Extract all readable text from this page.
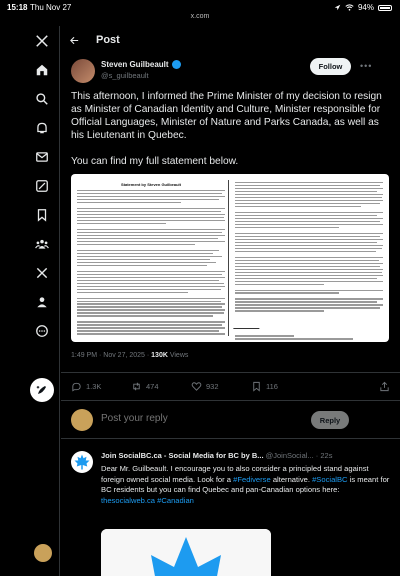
15:18 Thu Nov 27	94%
x.com
Post
Steven Guilbeault
@s_guilbeault
Follow	•••
This afternoon, I informed the Prime Minister of my decision to resign as Minister of Canadian Identity and Culture, Minister responsible for Official Languages, Minister of Nature and Parks Canada, as well as his Lieutenant in Quebec.
You can find my full statement below.
Statement by Steven Guilbeault
1:49 PM · Nov 27, 2025 · 130K Views
1.3K	474	932	116
Post your reply
Reply
Join SocialBC.ca - Social Media for BC by B... @JoinSocial... · 22s
Dear Mr. Guilbeault. I encourage you to also consider a principled stand against foreign owned social media. Look for a #Fediverse alternative. #SocialBC is meant for BC residents but you can find Quebec and pan-Canadian options here: thesocialweb.ca #Canadian
